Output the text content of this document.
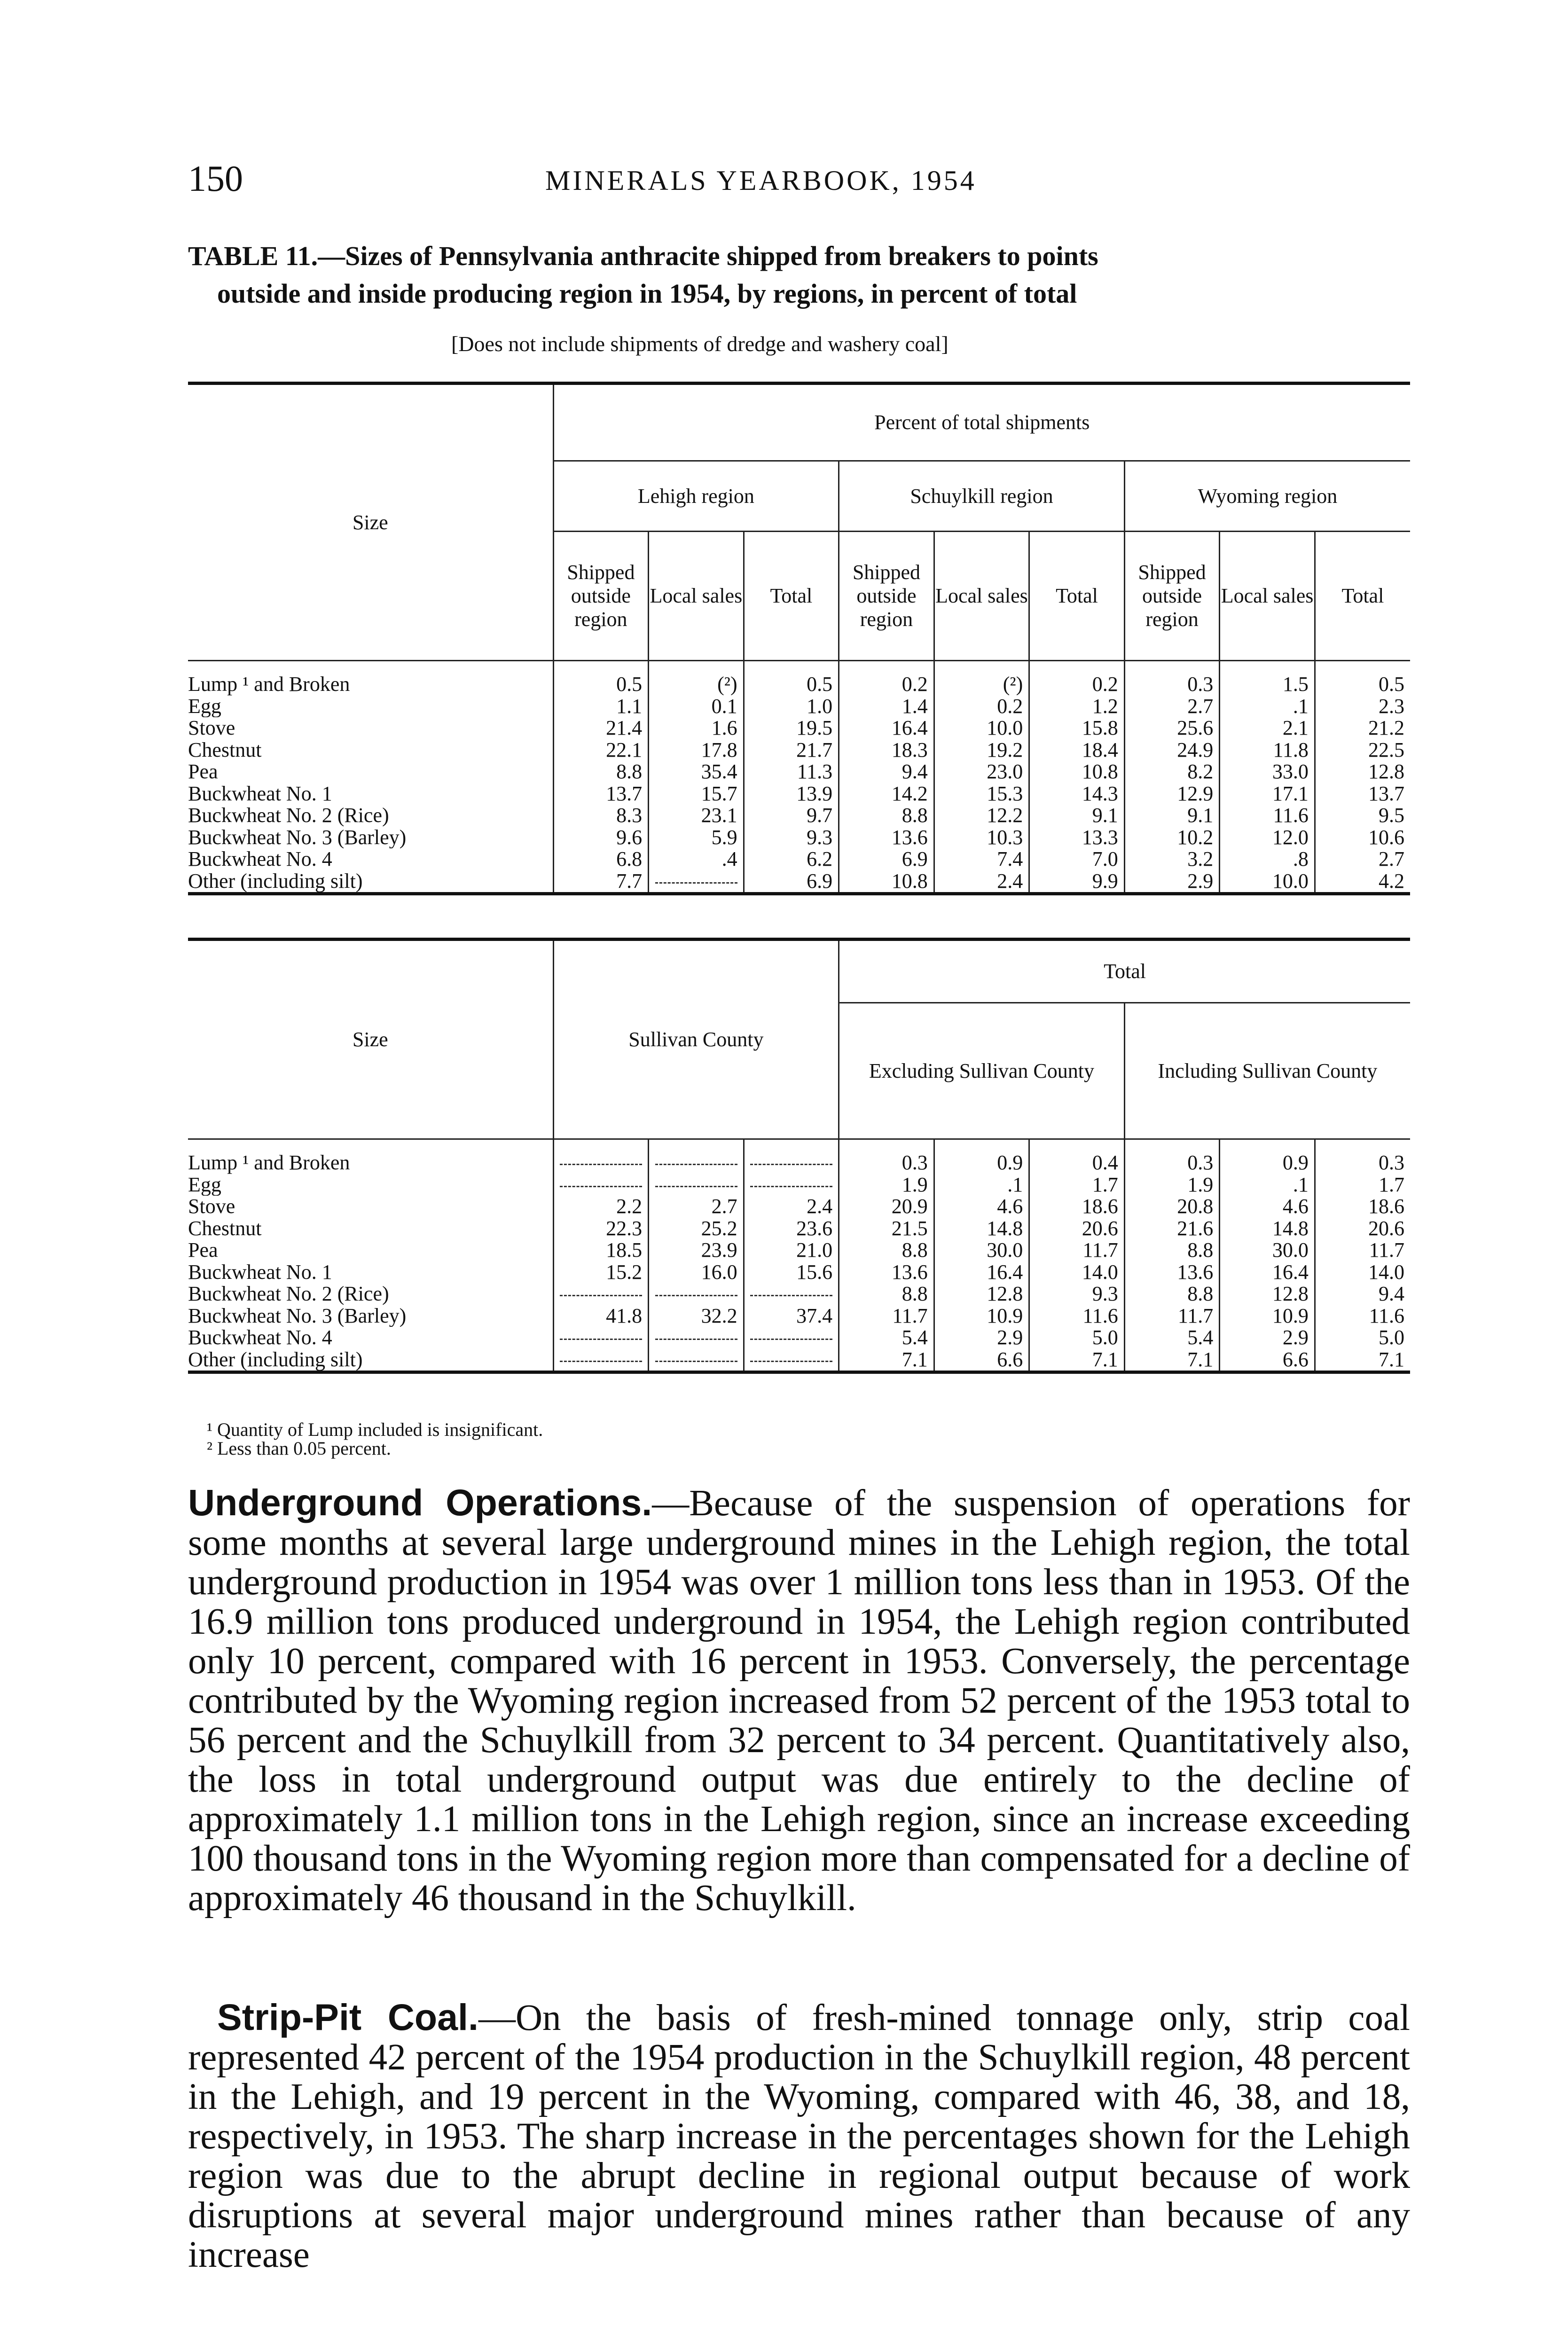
150	MINERALS YEARBOOK, 1954
TABLE 11.—Sizes of Pennsylvania anthracite shipped from breakers to points
outside and inside producing region in 1954, by regions, in percent of total
[Does not include shipments of dredge and washery coal]
Size	Percent of total shipments								
	Lehigh region			Schuylkill region			Wyoming region		
	Shipped outside region	Local sales	Total	Shipped outside region	Local sales	Total	Shipped outside region	Local sales	Total

Lump ¹ and Broken	0.5	(²)	0.5	0.2	(²)	0.2	0.3	1.5	0.5
Egg	1.1	0.1	1.0	1.4	0.2	1.2	2.7	.1	2.3
Stove	21.4	1.6	19.5	16.4	10.0	15.8	25.6	2.1	21.2
Chestnut	22.1	17.8	21.7	18.3	19.2	18.4	24.9	11.8	22.5
Pea	8.8	35.4	11.3	9.4	23.0	10.8	8.2	33.0	12.8
Buckwheat No. 1	13.7	15.7	13.9	14.2	15.3	14.3	12.9	17.1	13.7
Buckwheat No. 2 (Rice)	8.3	23.1	9.7	8.8	12.2	9.1	9.1	11.6	9.5
Buckwheat No. 3 (Barley)	9.6	5.9	9.3	13.6	10.3	13.3	10.2	12.0	10.6
Buckwheat No. 4	6.8	.4	6.2	6.9	7.4	7.0	3.2	.8	2.7
Other (including silt)	7.7		6.9	10.8	2.4	9.9	2.9	10.0	4.2
Size	Sullivan County			Total					
				Excluding Sullivan County			Including Sullivan County		

Lump ¹ and Broken				0.3	0.9	0.4	0.3	0.9	0.3
Egg				1.9	.1	1.7	1.9	.1	1.7
Stove	2.2	2.7	2.4	20.9	4.6	18.6	20.8	4.6	18.6
Chestnut	22.3	25.2	23.6	21.5	14.8	20.6	21.6	14.8	20.6
Pea	18.5	23.9	21.0	8.8	30.0	11.7	8.8	30.0	11.7
Buckwheat No. 1	15.2	16.0	15.6	13.6	16.4	14.0	13.6	16.4	14.0
Buckwheat No. 2 (Rice)				8.8	12.8	9.3	8.8	12.8	9.4
Buckwheat No. 3 (Barley)	41.8	32.2	37.4	11.7	10.9	11.6	11.7	10.9	11.6
Buckwheat No. 4				5.4	2.9	5.0	5.4	2.9	5.0
Other (including silt)				7.1	6.6	7.1	7.1	6.6	7.1
¹ Quantity of Lump included is insignificant.
² Less than 0.05 percent.
Underground Operations.—Because of the suspension of operations for some months at several large underground mines in the Lehigh region, the total underground production in 1954 was over 1 million tons less than in 1953. Of the 16.9 million tons produced underground in 1954, the Lehigh region contributed only 10 percent, compared with 16 percent in 1953. Conversely, the percentage contributed by the Wyoming region increased from 52 percent of the 1953 total to 56 percent and the Schuylkill from 32 percent to 34 percent. Quantitatively also, the loss in total underground output was due entirely to the decline of approximately 1.1 million tons in the Lehigh region, since an increase exceeding 100 thousand tons in the Wyoming region more than compensated for a decline of approximately 46 thousand in the Schuylkill.
Strip-Pit Coal.—On the basis of fresh-mined tonnage only, strip coal represented 42 percent of the 1954 production in the Schuylkill region, 48 percent in the Lehigh, and 19 percent in the Wyoming, compared with 46, 38, and 18, respectively, in 1953. The sharp increase in the percentages shown for the Lehigh region was due to the abrupt decline in regional output because of work disruptions at several major underground mines rather than because of any increase
